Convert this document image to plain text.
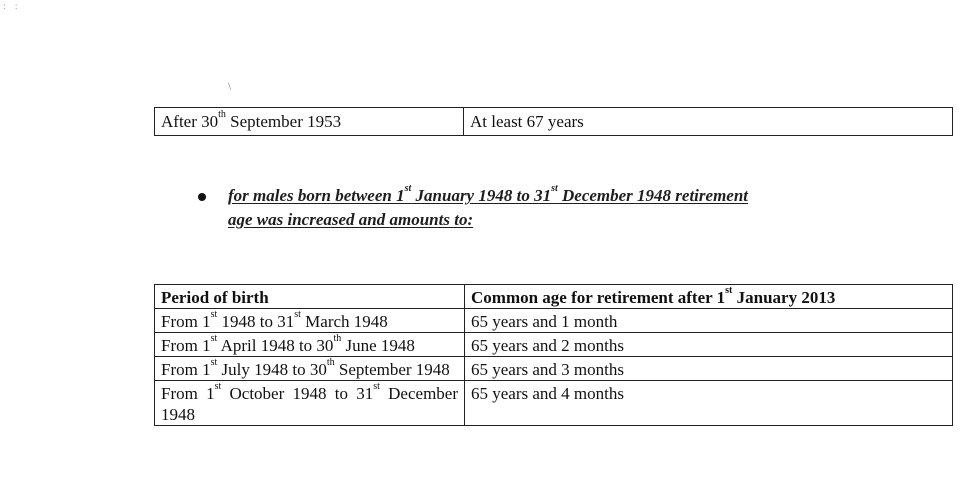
:   :
\
After 30th September 1953	At least 67 years
for males born between 1st January 1948 to 31st December 1948 retirement
age was increased and amounts to:
Period of birth	Common age for retirement after 1st January 2013
From 1st 1948 to 31st March 1948	65 years and 1 month
From 1st April 1948 to 30th June 1948	65 years and 2 months
From 1st July 1948 to 30th September 1948	65 years and 3 months
From 1st October 1948 to 31st December 1948	65 years and 4 months
